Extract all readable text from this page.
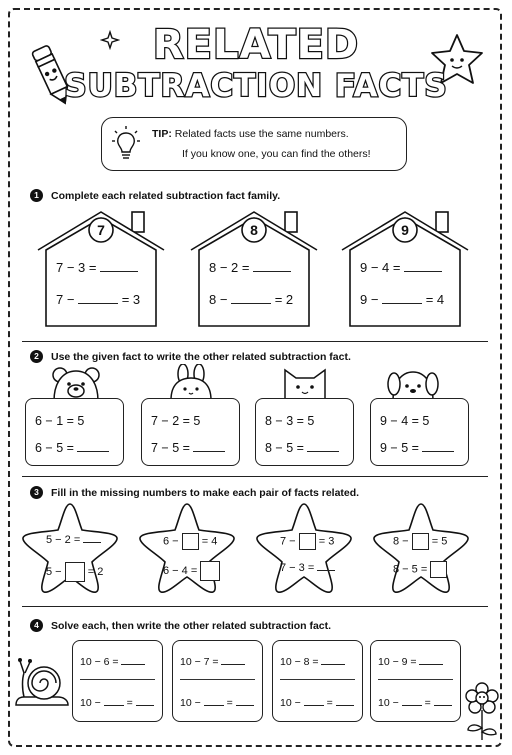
RELATED
SUBTRACTION FACTS
TIP: Related facts use the same numbers.
If you know one, you can find the others!
1	Complete each related subtraction fact family.
7
7 − 3 =
7 −	= 3
8
8 − 2 =
8 −	= 2
9
9 − 4 =
9 −	= 4
2	Use the given fact to write the other related subtraction fact.
6 − 1 = 5
6 − 5 =
7 − 2 = 5
7 − 5 =
8 − 3 = 5
8 − 5 =
9 − 4 = 5
9 − 5 =
3	Fill in the missing numbers to make each pair of facts related.
5 − 2 =
5 − = 2
6 − = 4
6 − 4 =
7 − = 3
7 − 3 =
8 − = 5
8 − 5 =
4	Solve each, then write the other related subtraction fact.
10 − 6 =
10 − =
10 − 7 =
10 − =
10 − 8 =
10 − =
10 − 9 =
10 − =
